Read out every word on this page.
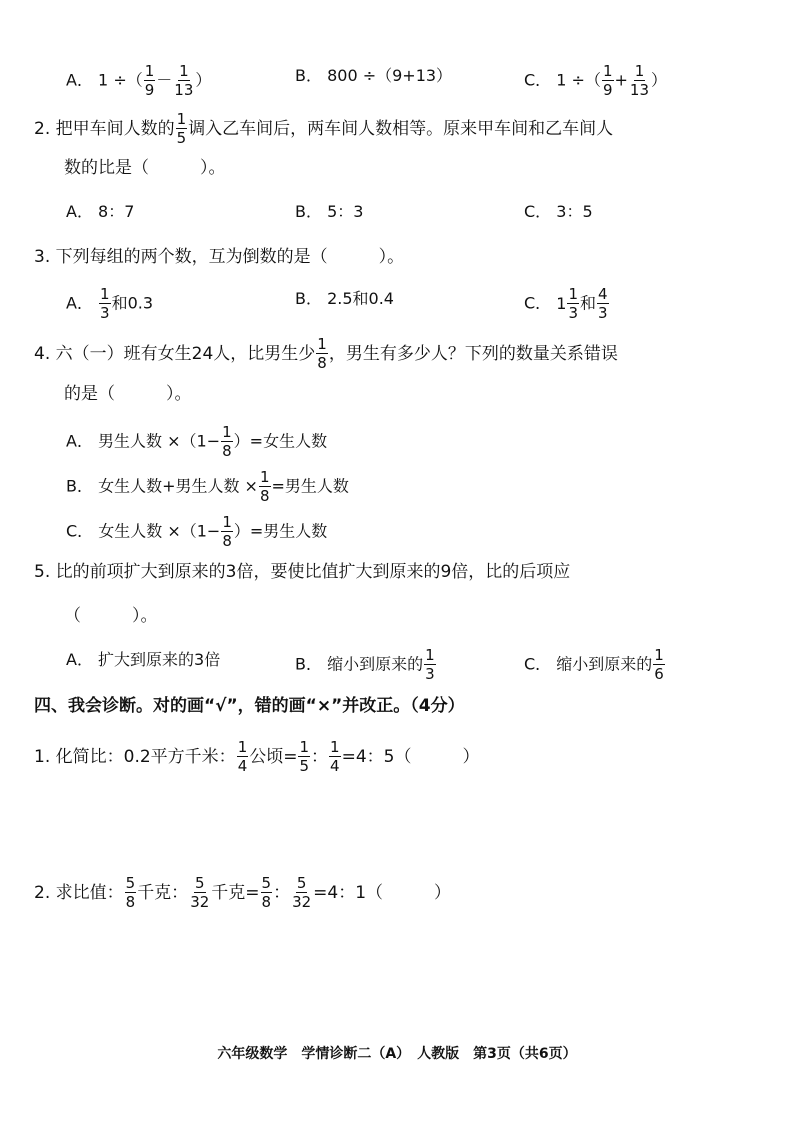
A． 1 ÷（ $\frac{1}{9} - \frac{1}{13}$ ）	B． 800 ÷（9+13）	C． 1 ÷（ $\frac{1}{9} + \frac{1}{13}$ ）
2. 把甲车间人数的 $\frac{1}{5}$ 调入乙车间后，两车间人数相等。原来甲车间和乙车间人
数的比是（　　　）。
A． 8：7	B． 5：3	C． 3：5
3. 下列每组的两个数，互为倒数的是（　　　）。
A． $\frac{1}{3}$ 和0.3	B． 2.5和0.4	C． $1 \frac{1}{3}$ 和 $\frac{4}{3}$
4. 六（一）班有女生24人，比男生少 $\frac{1}{8}$ ，男生有多少人？下列的数量关系错误
的是（　　　）。
A． 男生人数 $\times(1- \frac{1}{8}$ ）=女生人数
B． 女生人数+男生人数 × $\frac{1}{8}$ =男生人数
C． 女生人数 $\times(1- \frac{1}{8}$ ）=男生人数
5. 比的前项扩大到原来的3倍，要使比值扩大到原来的9倍，比的后项应
（　　　）。
A． 扩大到原来的3倍	B． 缩小到原来的 $\frac{1}{3}$	C． 缩小到原来的 $\frac{1}{6}$
四、我会诊断。对的画“√”，错的画“×”并改正。（4分）
1. 化简比：0.2平方千米： $\frac{1}{4}$ 公顷= $\frac{1}{5}$ ： $\frac{1}{4} =4$：5（　　　）
2. 求比值： $\frac{5}{8}$ 千克： $\frac{5}{32}$ 千克= $\frac{5}{8}$ ： $\frac{5}{32} =4$：1（　　　）
六年级数学　学情诊断二（A）　人教版　第3页（共6页）
